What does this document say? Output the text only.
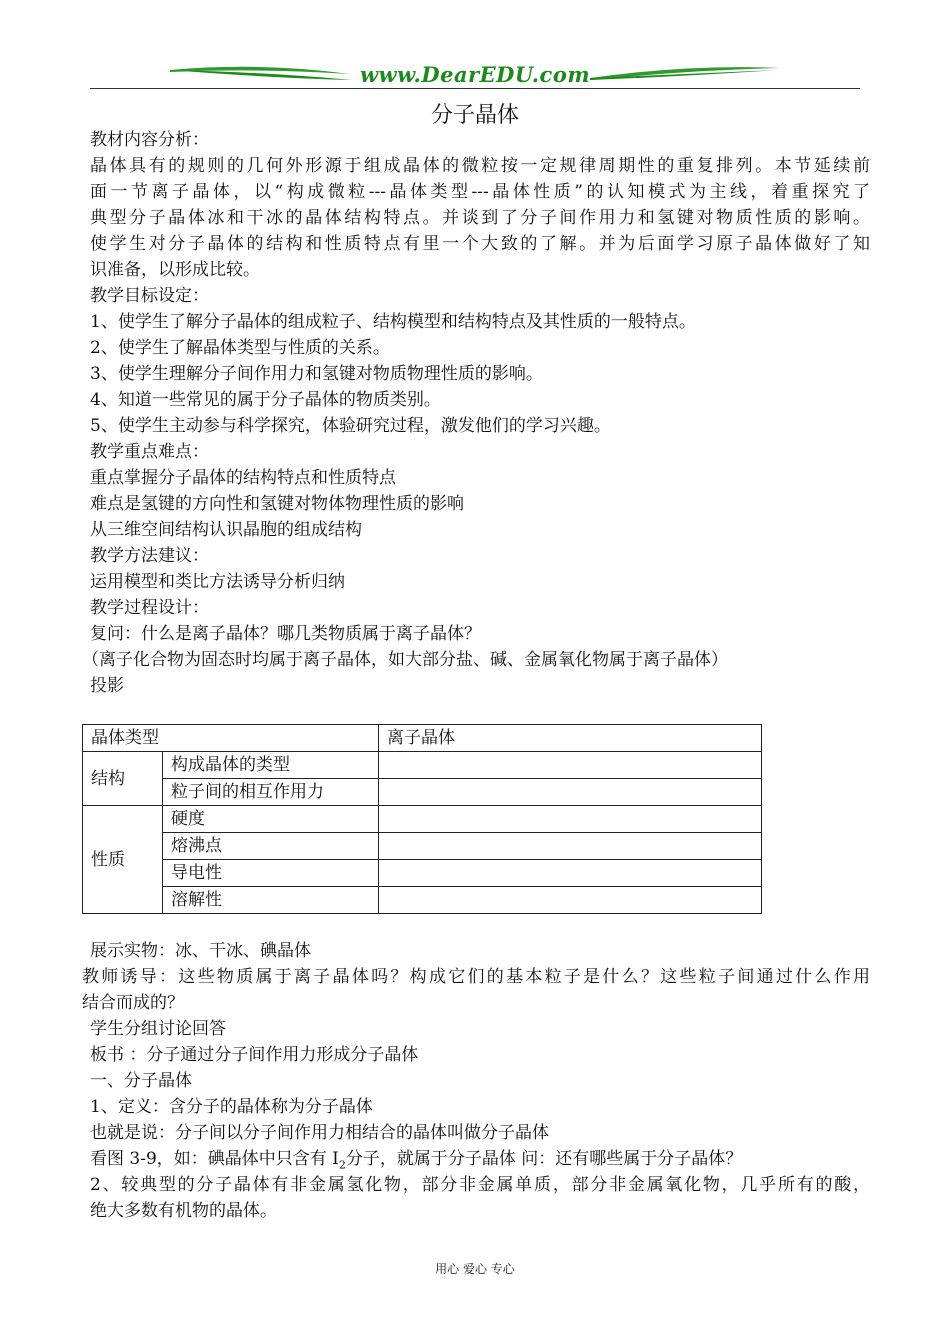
www.DearEDU.com
分子晶体
教材内容分析：
晶体具有的规则的几何外形源于组成晶体的微粒按一定规律周期性的重复排列。本节延续前
面一节离子晶体，以“构成微粒---晶体类型---晶体性质”的认知模式为主线，着重探究了
典型分子晶体冰和干冰的晶体结构特点。并谈到了分子间作用力和氢键对物质性质的影响。
使学生对分子晶体的结构和性质特点有里一个大致的了解。并为后面学习原子晶体做好了知
识准备，以形成比较。
教学目标设定：
1、使学生了解分子晶体的组成粒子、结构模型和结构特点及其性质的一般特点。
2、使学生了解晶体类型与性质的关系。
3、使学生理解分子间作用力和氢键对物质物理性质的影响。
4、知道一些常见的属于分子晶体的物质类别。
5、使学生主动参与科学探究，体验研究过程，激发他们的学习兴趣。
教学重点难点：
重点掌握分子晶体的结构特点和性质特点
难点是氢键的方向性和氢键对物体物理性质的影响
从三维空间结构认识晶胞的组成结构
教学方法建议：
运用模型和类比方法诱导分析归纳
教学过程设计：
复问：什么是离子晶体？哪几类物质属于离子晶体？
（离子化合物为固态时均属于离子晶体，如大部分盐、碱、金属氧化物属于离子晶体）
投影
晶体类型		离子晶体
结构	构成晶体的类型	
	粒子间的相互作用力	
性质	硬度	
	熔沸点	
	导电性	
	溶解性	
展示实物：冰、干冰、碘晶体
教师诱导：这些物质属于离子晶体吗？构成它们的基本粒子是什么？这些粒子间通过什么作用
结合而成的？
学生分组讨论回答
板书 ：分子通过分子间作用力形成分子晶体
一、分子晶体
1、定义：含分子的晶体称为分子晶体
也就是说：分子间以分子间作用力相结合的晶体叫做分子晶体
看图 3-9，如：碘晶体中只含有 $I_2$分子，就属于分子晶体 问：还有哪些属于分子晶体？
2、较典型的分子晶体有非金属氢化物，部分非金属单质，部分非金属氧化物，几乎所有的酸，
绝大多数有机物的晶体。
用心 爱心 专心
